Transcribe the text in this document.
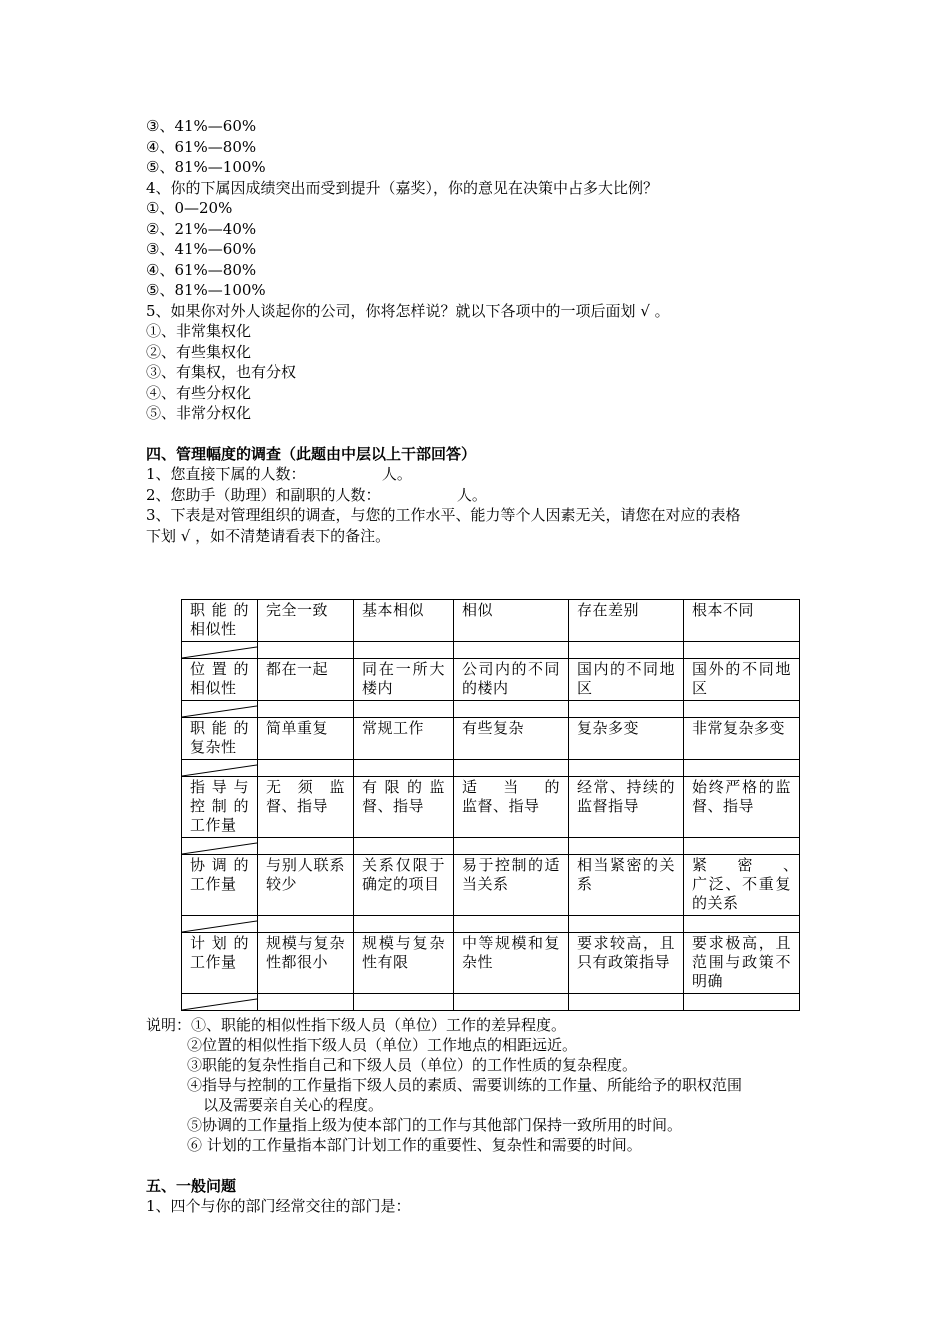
③、41%—60%
④、61%—80%
⑤、81%—100%
4、你的下属因成绩突出而受到提升（嘉奖），你的意见在决策中占多大比例？
①、0—20%
②、21%—40%
③、41%—60%
④、61%—80%
⑤、81%—100%
5、如果你对外人谈起你的公司，你将怎样说？就以下各项中的一项后面划 √ 。
①、非常集权化
②、有些集权化
③、有集权，也有分权
④、有些分权化
⑤、非常分权化
四、管理幅度的调查（此题由中层以上干部回答）
1、您直接下属的人数：                人。
2、您助手（助理）和副职的人数：                人。
3、下表是对管理组织的调查，与您的工作水平、能力等个人因素无关，请您在对应的表格
下划 √ ，如不清楚请看表下的备注。
职能的相似性	完全一致	基本相似	相似	存在差别	根本不同

位置的相似性	都在一起	同在一所大楼内	公司内的不同的楼内	国内的不同地区	国外的不同地区

职能的复杂性	简单重复	常规工作	有些复杂	复杂多变	非常复杂多变

指导与控制的工作量	无　须　监督、指导	有限的监督、指导	适　当　的　监督、指导	经常、持续的监督指导	始终严格的监督、指导

协调的工作量	与别人联系较少	关系仅限于确定的项目	易于控制的适当关系	相当紧密的关系	紧　密　、　广泛、不重复的关系

计划的工作量	规模与复杂性都很小	规模与复杂性有限	中等规模和复杂性	要求较高，且只有政策指导	要求极高，且范围与政策不明确

说明：①、职能的相似性指下级人员（单位）工作的差异程度。
②位置的相似性指下级人员（单位）工作地点的相距远近。
③职能的复杂性指自己和下级人员（单位）的工作性质的复杂程度。
④指导与控制的工作量指下级人员的素质、需要训练的工作量、所能给予的职权范围
以及需要亲自关心的程度。
⑤协调的工作量指上级为使本部门的工作与其他部门保持一致所用的时间。
⑥ 计划的工作量指本部门计划工作的重要性、复杂性和需要的时间。
五、一般问题
1、四个与你的部门经常交往的部门是：
